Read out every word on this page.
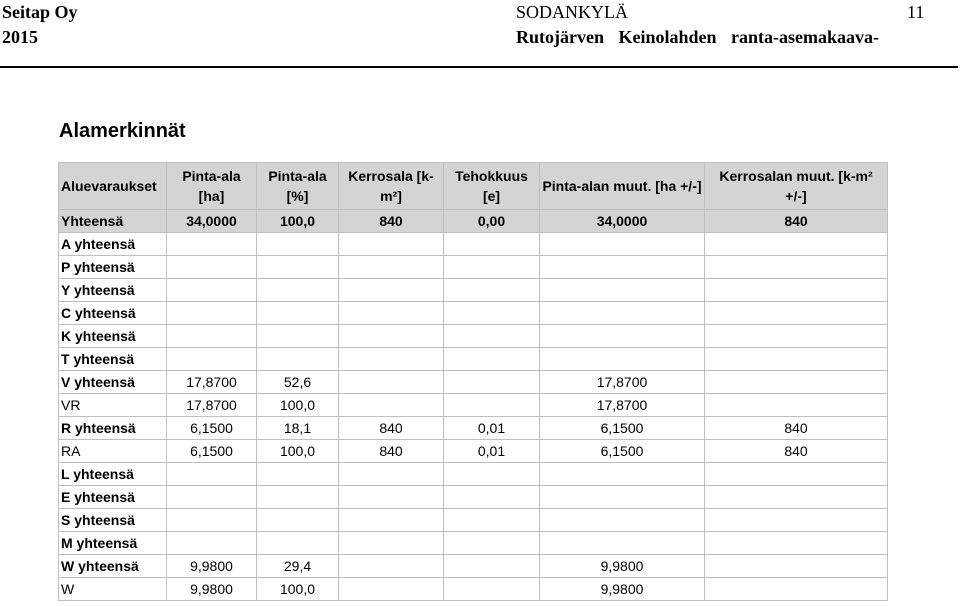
Seitap Oy
2015
SODANKYLÄ	11
Rutojärven Keinolahden ranta-asemakaava-
Alamerkinnät
Aluevaraukset	Pinta-ala [ha]	Pinta-ala [%]	Kerrosala [k-m²]	Tehokkuus [e]	Pinta-alan muut. [ha +/-]	Kerrosalan muut. [k-m² +/-]
Yhteensä	34,0000	100,0	840	0,00	34,0000	840
A yhteensä						
P yhteensä						
Y yhteensä						
C yhteensä						
K yhteensä						
T yhteensä						
V yhteensä	17,8700	52,6			17,8700	
VR	17,8700	100,0			17,8700	
R yhteensä	6,1500	18,1	840	0,01	6,1500	840
RA	6,1500	100,0	840	0,01	6,1500	840
L yhteensä						
E yhteensä						
S yhteensä						
M yhteensä						
W yhteensä	9,9800	29,4			9,9800	
W	9,9800	100,0			9,9800	
